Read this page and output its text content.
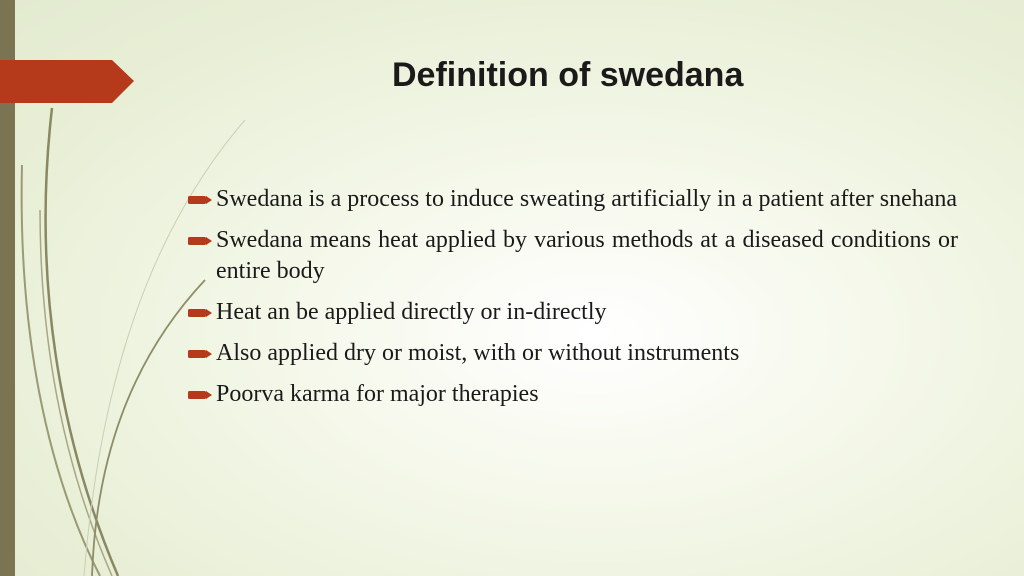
Definition of swedana
Swedana is a process to induce sweating artificially in a patient after snehana
Swedana means heat applied by various methods at a diseased conditions or entire body
Heat an be applied directly or in-directly
Also applied dry or moist, with or without instruments
Poorva karma for major therapies
